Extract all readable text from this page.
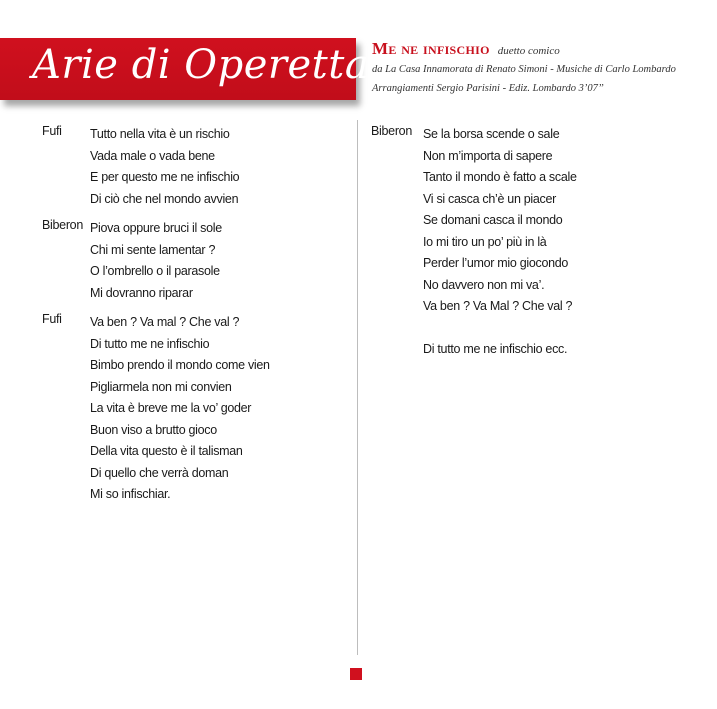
Arie di Operetta Me ne infischio duetto comico
da La Casa Innamorata di Renato Simoni - Musiche di Carlo Lombardo
Arrangiamenti Sergio Parisini - Ediz. Lombardo 3’07’’
Fufi Tutto nella vita è un rischio
Vada male o vada bene
E per questo me ne infischio
Di ciò che nel mondo avvien
Biberon Piova oppure bruci il sole
Chi mi sente lamentar ?
O l’ombrello o il parasole
Mi dovranno riparar
Fufi Va ben ? Va mal ? Che val ?
Di tutto me ne infischio
Bimbo prendo il mondo come vien
Pigliarmela non mi convien
La vita è breve me la vo’ goder
Buon viso a brutto gioco
Della vita questo è il talisman
Di quello che verrà doman
Mi so infischiar.
Biberon Se la borsa scende o sale
Non m’importa di sapere
Tanto il mondo è fatto a scale
Vi si casca ch’è un piacer
Se domani casca il mondo
Io mi tiro un po’ più in là
Perder l’umor mio giocondo
No davvero non mi va’.
Va ben ? Va Mal ? Che val ?
Di tutto me ne infischio ecc.
